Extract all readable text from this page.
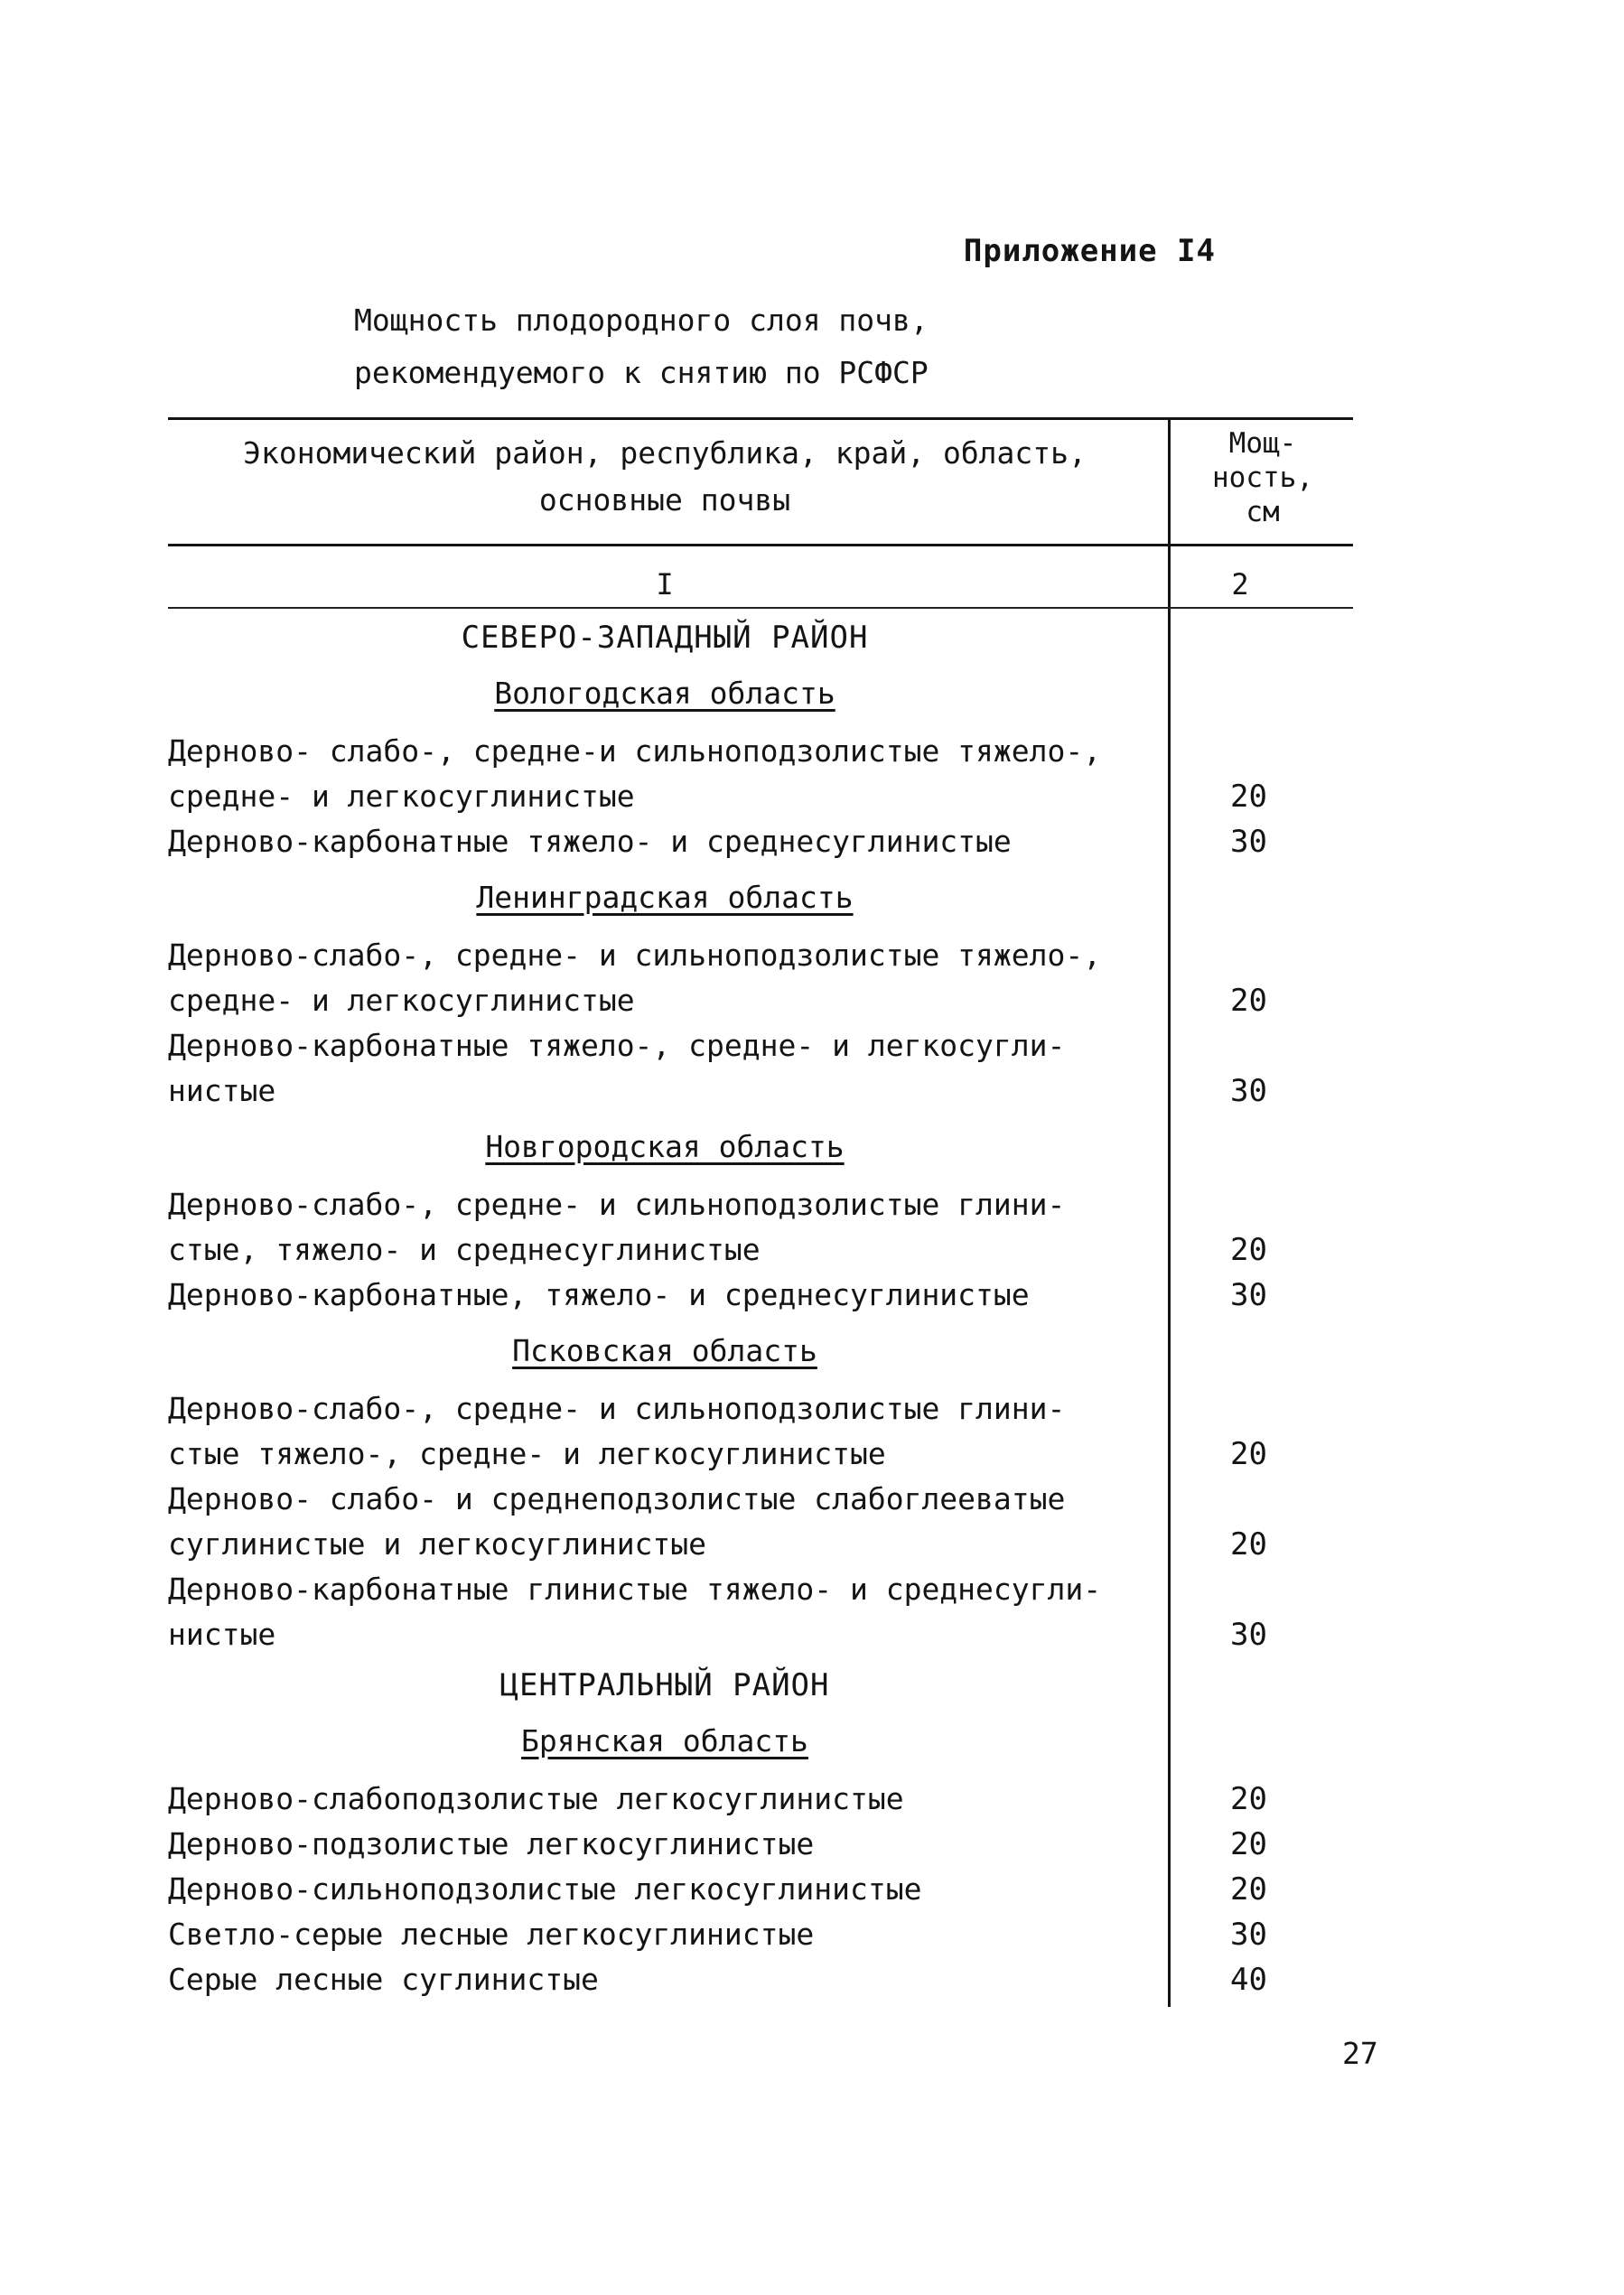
Приложение I4
Мощность плодородного слоя почв,
рекомендуемого к снятию по РСФСР
Экономический район, республика, край, область,
основные почвы
Мощ-
ность,
см
I	2
СЕВЕРО-ЗАПАДНЫЙ РАЙОН
Вологодская область
Дерново- слабо-, средне-и сильноподзолистые тяжело-,
средне- и легкосуглинистые	20
Дерново-карбонатные тяжело- и среднесуглинистые	30
Ленинградская область
Дерново-слабо-, средне- и сильноподзолистые тяжело-,
средне- и легкосуглинистые	20
Дерново-карбонатные тяжело-, средне- и легкосугли-
нистые	30
Новгородская область
Дерново-слабо-, средне- и сильноподзолистые глини-
стые, тяжело- и среднесуглинистые	20
Дерново-карбонатные, тяжело- и среднесуглинистые	30
Псковская область
Дерново-слабо-, средне- и сильноподзолистые глини-
стые тяжело-, средне- и легкосуглинистые	20
Дерново- слабо- и среднеподзолистые слабоглееватые
суглинистые и легкосуглинистые	20
Дерново-карбонатные глинистые тяжело- и среднесугли-
нистые	30
ЦЕНТРАЛЬНЫЙ РАЙОН
Брянская область
Дерново-слабоподзолистые легкосуглинистые	20
Дерново-подзолистые легкосуглинистые	20
Дерново-сильноподзолистые легкосуглинистые	20
Светло-серые лесные легкосуглинистые	30
Серые лесные суглинистые	40
27
